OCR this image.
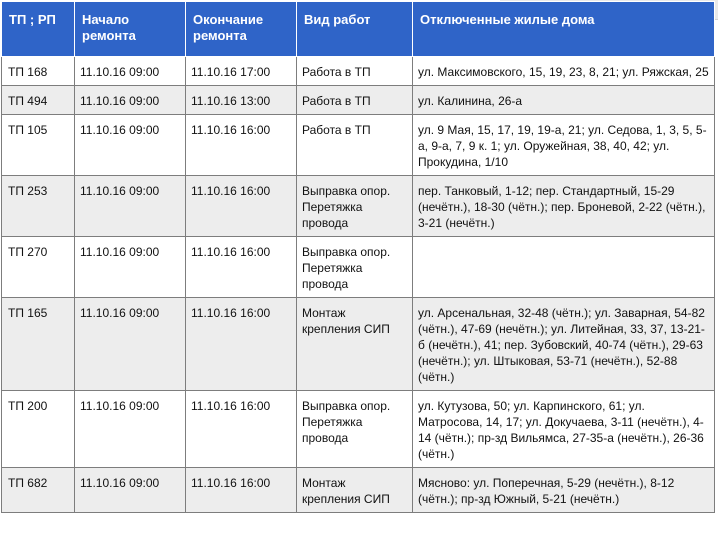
ТП ; РП	Начало ремонта	Окончание ремонта	Вид работ	Отключенные жилые дома
ТП 168	11.10.16 09:00	11.10.16 17:00	Работа в ТП	ул. Максимовского, 15, 19, 23, 8, 21; ул. Ряжская, 25
ТП 494	11.10.16 09:00	11.10.16 13:00	Работа в ТП	ул. Калинина, 26-а
ТП 105	11.10.16 09:00	11.10.16 16:00	Работа в ТП	ул. 9 Мая, 15, 17, 19, 19-а, 21; ул. Седова, 1, 3, 5, 5-а, 9-а, 7, 9 к. 1; ул. Оружейная, 38, 40, 42; ул. Прокудина, 1/10
ТП 253	11.10.16 09:00	11.10.16 16:00	Выправка опор. Перетяжка провода	пер. Танковый, 1-12; пер. Стандартный, 15-29 (нечётн.), 18-30 (чётн.); пер. Броневой, 2-22 (чётн.), 3-21 (нечётн.)
ТП 270	11.10.16 09:00	11.10.16 16:00	Выправка опор. Перетяжка провода	
ТП 165	11.10.16 09:00	11.10.16 16:00	Монтаж крепления СИП	ул. Арсенальная, 32-48 (чётн.); ул. Заварная, 54-82 (чётн.), 47-69 (нечётн.); ул. Литейная, 33, 37, 13-21-б (нечётн.), 41; пер. Зубовский, 40-74 (чётн.), 29-63 (нечётн.); ул. Штыковая, 53-71 (нечётн.), 52-88 (чётн.)
ТП 200	11.10.16 09:00	11.10.16 16:00	Выправка опор. Перетяжка провода	ул. Кутузова, 50; ул. Карпинского, 61; ул. Матросова, 14, 17; ул. Докучаева, 3-11 (нечётн.), 4-14 (чётн.); пр-зд Вильямса, 27-35-а (нечётн.), 26-36 (чётн.)
ТП 682	11.10.16 09:00	11.10.16 16:00	Монтаж крепления СИП	Мясново: ул. Поперечная, 5-29 (нечётн.), 8-12 (чётн.); пр-зд Южный, 5-21 (нечётн.)
